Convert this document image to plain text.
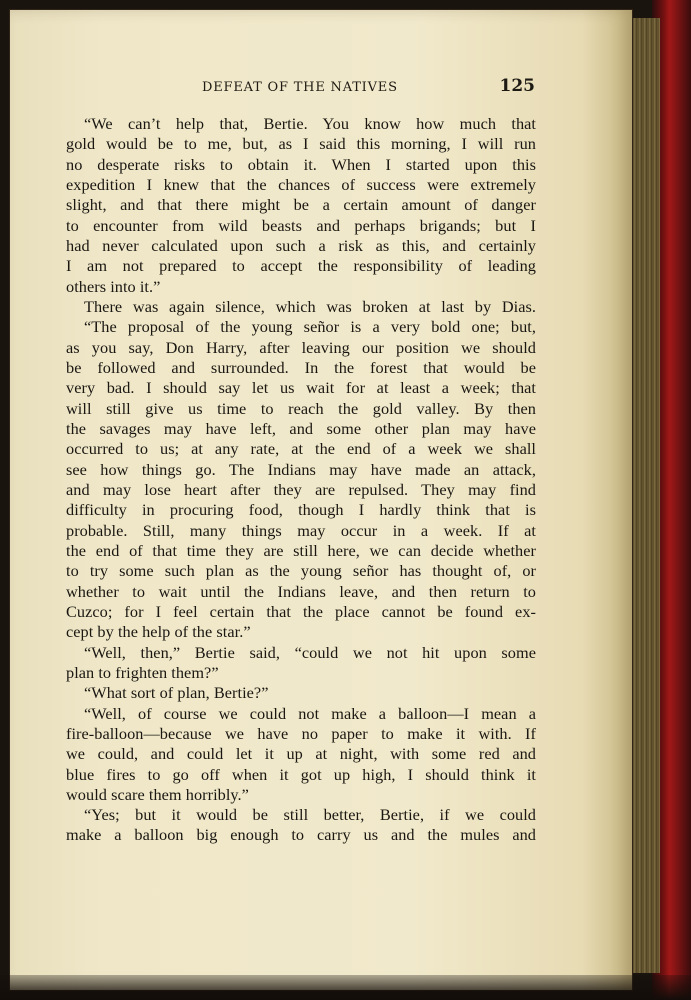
DEFEAT OF THE NATIVES	125
“We can’t help that, Bertie. You know how much that
gold would be to me, but, as I said this morning, I will run
no desperate risks to obtain it. When I started upon this
expedition I knew that the chances of success were extremely
slight, and that there might be a certain amount of danger
to encounter from wild beasts and perhaps brigands; but I
had never calculated upon such a risk as this, and certainly
I am not prepared to accept the responsibility of leading
others into it.”
There was again silence, which was broken at last by Dias.
“The proposal of the young señor is a very bold one; but,
as you say, Don Harry, after leaving our position we should
be followed and surrounded. In the forest that would be
very bad. I should say let us wait for at least a week; that
will still give us time to reach the gold valley. By then
the savages may have left, and some other plan may have
occurred to us; at any rate, at the end of a week we shall
see how things go. The Indians may have made an attack,
and may lose heart after they are repulsed. They may find
difficulty in procuring food, though I hardly think that is
probable. Still, many things may occur in a week. If at
the end of that time they are still here, we can decide whether
to try some such plan as the young señor has thought of, or
whether to wait until the Indians leave, and then return to
Cuzco; for I feel certain that the place cannot be found ex-
cept by the help of the star.”
“Well, then,” Bertie said, “could we not hit upon some
plan to frighten them?”
“What sort of plan, Bertie?”
“Well, of course we could not make a balloon—I mean a
fire-balloon—because we have no paper to make it with. If
we could, and could let it up at night, with some red and
blue fires to go off when it got up high, I should think it
would scare them horribly.”
“Yes; but it would be still better, Bertie, if we could
make a balloon big enough to carry us and the mules and
